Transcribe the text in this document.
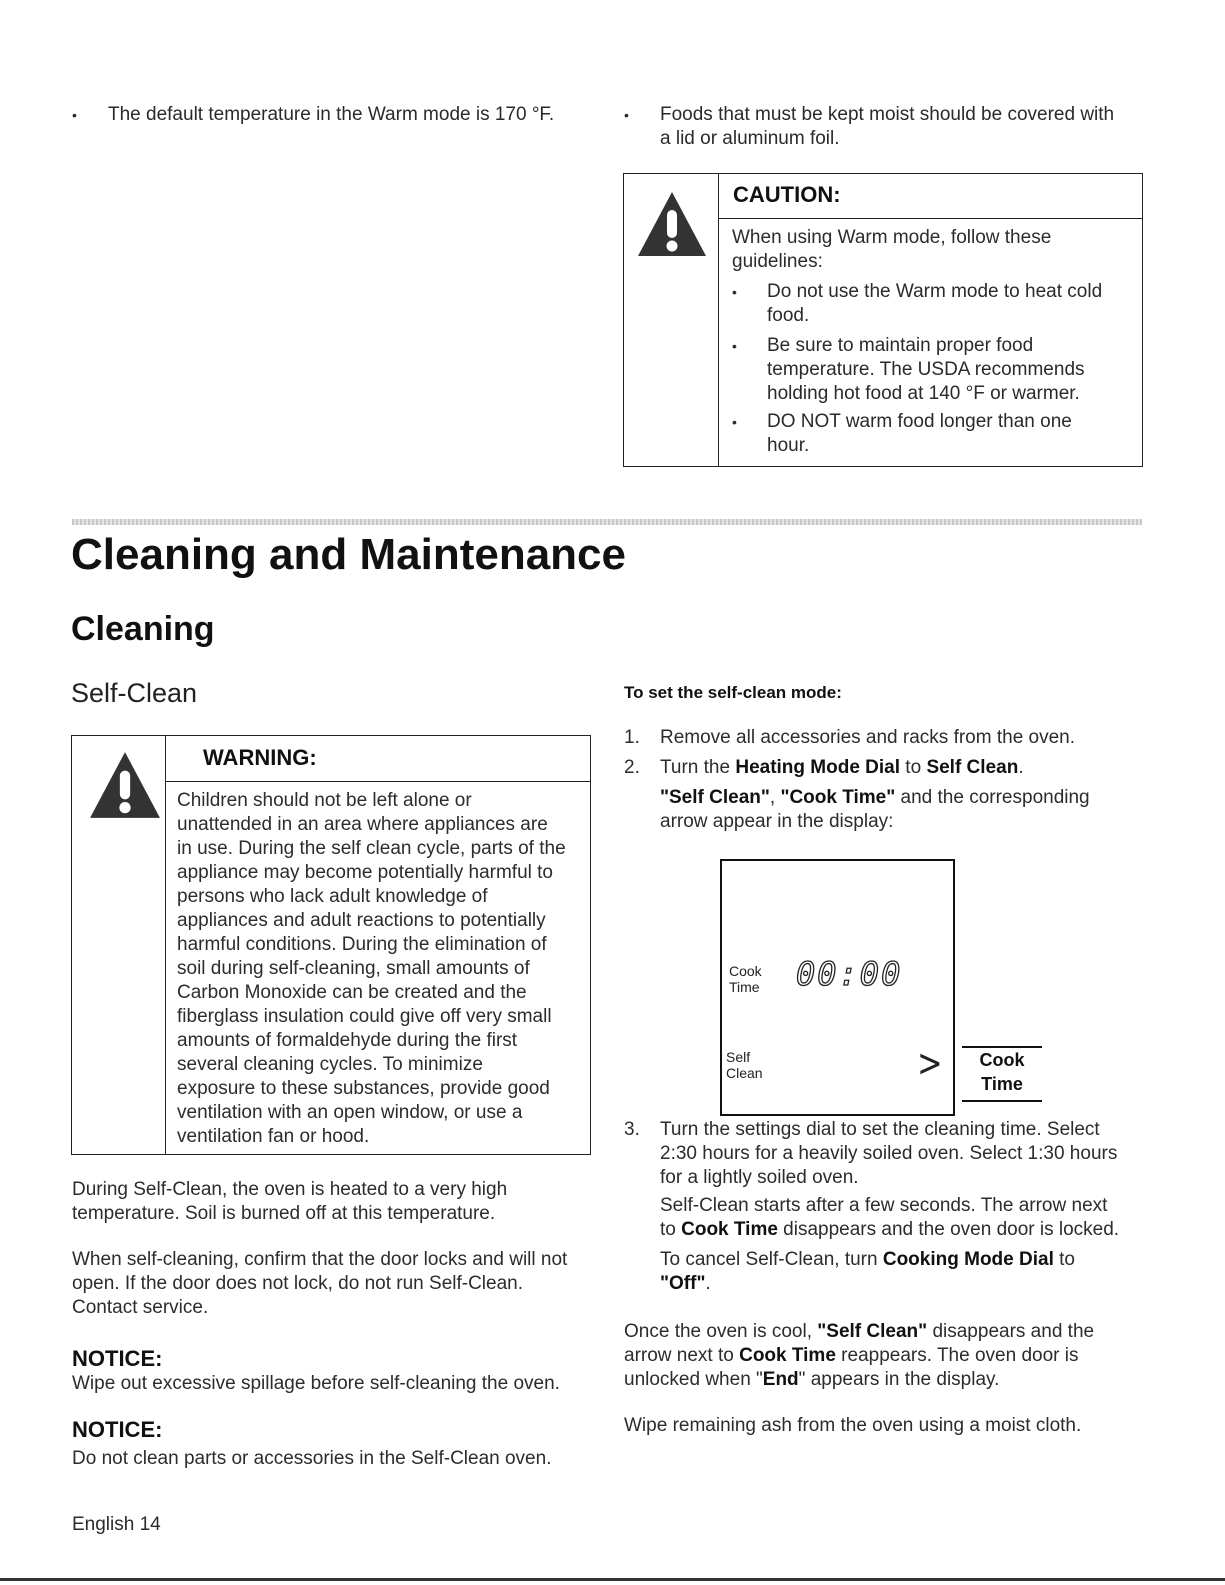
• The default temperature in the Warm mode is 170 °F.	• Foods that must be kept moist should be covered with
a lid or aluminum foil.
CAUTION:
When using Warm mode, follow these
guidelines:
• Do not use the Warm mode to heat cold
food.
• Be sure to maintain proper food
temperature. The USDA recommends
holding hot food at 140 °F or warmer.
• DO NOT warm food longer than one
hour.
Cleaning and Maintenance
Cleaning
Self-Clean
WARNING:
Children should not be left alone or
unattended in an area where appliances are
in use. During the self clean cycle, parts of the
appliance may become potentially harmful to
persons who lack adult knowledge of
appliances and adult reactions to potentially
harmful conditions. During the elimination of
soil during self-cleaning, small amounts of
Carbon Monoxide can be created and the
fiberglass insulation could give off very small
amounts of formaldehyde during the first
several cleaning cycles. To minimize
exposure to these substances, provide good
ventilation with an open window, or use a
ventilation fan or hood.
During Self-Clean, the oven is heated to a very high
temperature. Soil is burned off at this temperature.
When self-cleaning, confirm that the door locks and will not
open. If the door does not lock, do not run Self-Clean.
Contact service.
NOTICE:
Wipe out excessive spillage before self-cleaning the oven.
NOTICE:
Do not clean parts or accessories in the Self-Clean oven.
To set the self-clean mode:
1. Remove all accessories and racks from the oven.
2. Turn the Heating Mode Dial to Self Clean.
"Self Clean", "Cook Time" and the corresponding
arrow appear in the display:
Cook
Time 00:00
Self
Clean	>	Cook
Time
3. Turn the settings dial to set the cleaning time. Select
2:30 hours for a heavily soiled oven. Select 1:30 hours
for a lightly soiled oven.
Self-Clean starts after a few seconds. The arrow next
to Cook Time disappears and the oven door is locked.
To cancel Self-Clean, turn Cooking Mode Dial to
"Off".
Once the oven is cool, "Self Clean" disappears and the
arrow next to Cook Time reappears. The oven door is
unlocked when "End" appears in the display.
Wipe remaining ash from the oven using a moist cloth.
English 14
